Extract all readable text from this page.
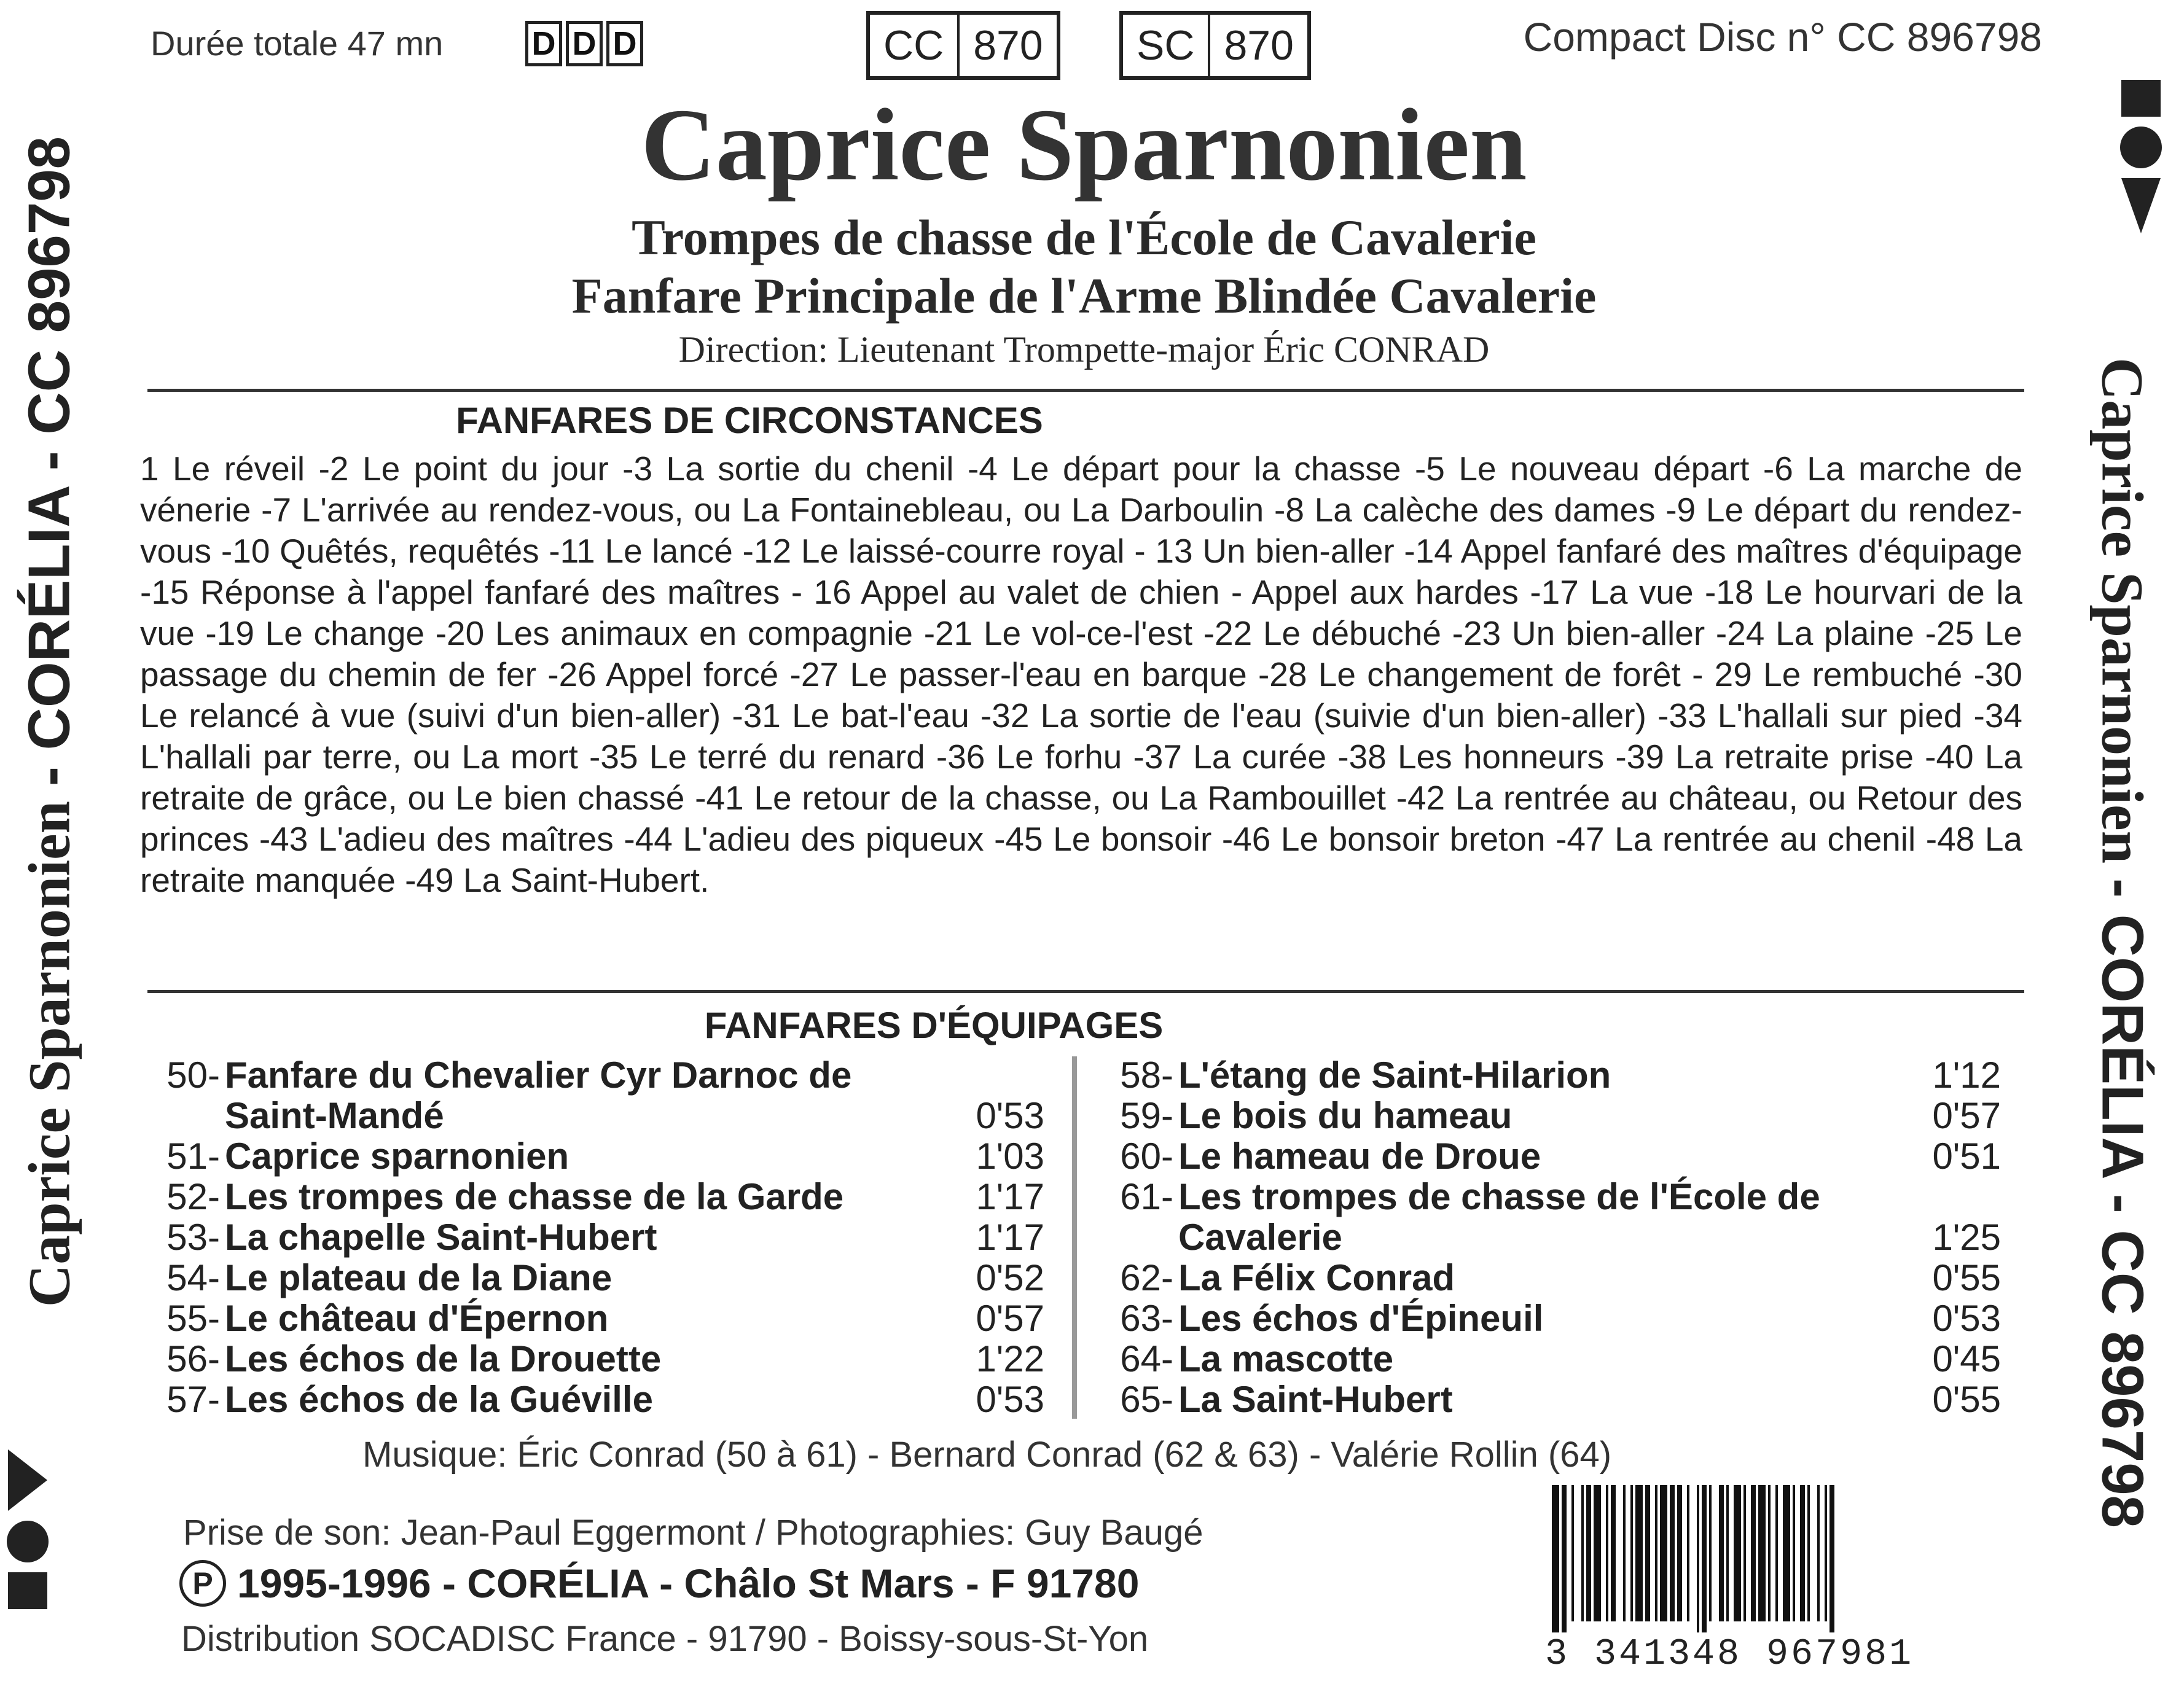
Durée totale 47 mn	D D D	CC 870	SC 870	Compact Disc n° CC 896798
Caprice Sparnonien
Trompes de chasse de l'École de Cavalerie
Fanfare Principale de l'Arme Blindée Cavalerie
Direction: Lieutenant Trompette-major Éric CONRAD
FANFARES DE CIRCONSTANCES
1 Le réveil -2 Le point du jour -3 La sortie du chenil -4 Le départ pour la chasse -5 Le nouveau départ -6 La marche de vénerie -7 L'arrivée au rendez-vous, ou La Fontainebleau, ou La Darboulin -8 La calèche des dames -9 Le départ du rendez-vous -10 Quêtés, requêtés -11 Le lancé -12 Le laissé-courre royal - 13 Un bien-aller -14 Appel fanfaré des maîtres d'équipage -15 Réponse à l'appel fanfaré des maîtres - 16 Appel au valet de chien - Appel aux hardes -17 La vue -18 Le hourvari de la vue -19 Le change -20 Les animaux en compagnie -21 Le vol-ce-l'est -22 Le débuché -23 Un bien-aller -24 La plaine -25 Le passage du chemin de fer -26 Appel forcé -27 Le passer-l'eau en barque -28 Le changement de forêt - 29 Le rembuché -30 Le relancé à vue (suivi d'un bien-aller) -31 Le bat-l'eau -32 La sortie de l'eau (suivie d'un bien-aller) -33 L'hallali sur pied -34 L'hallali par terre, ou La mort -35 Le terré du renard -36 Le forhu -37 La curée -38 Les honneurs -39 La retraite prise -40 La retraite de grâce, ou Le bien chassé -41 Le retour de la chasse, ou La Rambouillet -42 La rentrée au château, ou Retour des princes -43 L'adieu des maîtres -44 L'adieu des piqueux -45 Le bonsoir -46 Le bonsoir breton -47 La rentrée au chenil -48 La retraite manquée -49 La Saint-Hubert.
FANFARES D'ÉQUIPAGES
50- Fanfare du Chevalier Cyr Darnoc de Saint-Mandé	0'53
51- Caprice sparnonien	1'03
52- Les trompes de chasse de la Garde	1'17
53- La chapelle Saint-Hubert	1'17
54- Le plateau de la Diane	0'52
55- Le château d'Épernon	0'57
56- Les échos de la Drouette	1'22
57- Les échos de la Guéville	0'53
58- L'étang de Saint-Hilarion	1'12
59- Le bois du hameau	0'57
60- Le hameau de Droue	0'51
61- Les trompes de chasse de l'École de Cavalerie	1'25
62- La Félix Conrad	0'55
63- Les échos d'Épineuil	0'53
64- La mascotte	0'45
65- La Saint-Hubert	0'55
Musique: Éric Conrad (50 à 61) - Bernard Conrad (62 & 63) - Valérie Rollin (64)
Prise de son: Jean-Paul Eggermont / Photographies: Guy Baugé
P 1995-1996 - CORÉLIA - Châlo St Mars - F 91780
Distribution SOCADISC France - 91790 - Boissy-sous-St-Yon	3 341348 967981
Caprice Sparnonien - CORÉLIA - CC 896798	Caprice Sparnonien - CORÉLIA - CC 896798
